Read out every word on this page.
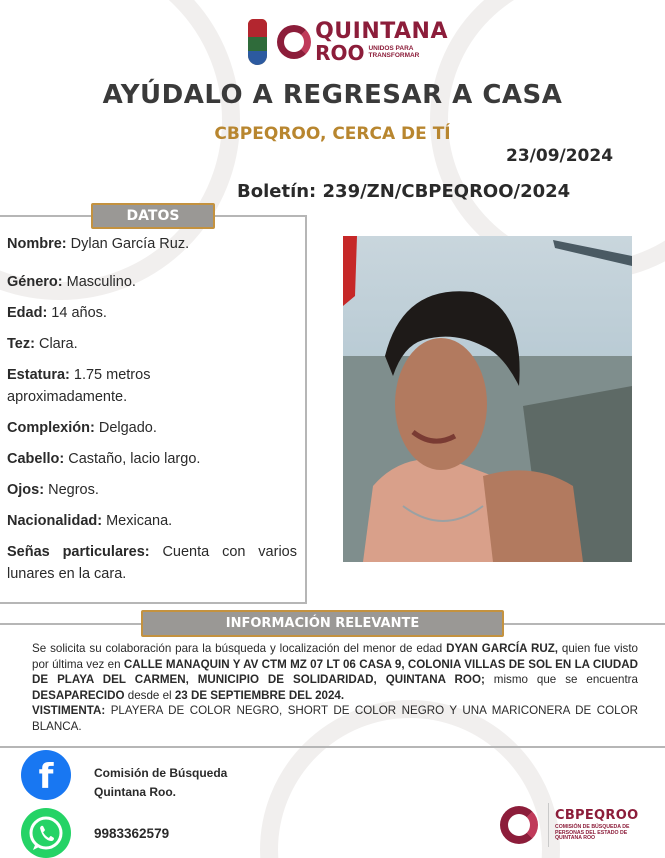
QUINTANA
ROO UNIDOS PARA TRANSFORMAR
AYÚDALO A REGRESAR A CASA
CBPEQROO, CERCA DE TÍ
23/09/2024
Boletín: 239/ZN/CBPEQROO/2024
Nombre: Dylan García Ruz.
Género: Masculino.
Edad: 14 años.
Tez: Clara.
Estatura: 1.75 metros aproximadamente.
Complexión: Delgado.
Cabello: Castaño, lacio largo.
Ojos: Negros.
Nacionalidad: Mexicana.
Señas particulares: Cuenta con varios lunares en la cara.
DATOS
Se solicita su colaboración para la búsqueda y localización del menor de edad DYAN GARCÍA RUZ, quien fue visto por última vez en CALLE MANAQUIN Y AV CTM MZ 07 LT 06 CASA 9, COLONIA VILLAS DE SOL EN LA CIUDAD DE PLAYA DEL CARMEN, MUNICIPIO DE SOLIDARIDAD, QUINTANA ROO; mismo que se encuentra DESAPARECIDO desde el 23 DE SEPTIEMBRE DEL 2024.
VISTIMENTA: PLAYERA DE COLOR NEGRO, SHORT DE COLOR NEGRO Y UNA MARICONERA DE COLOR BLANCA.
INFORMACIÓN RELEVANTE
f	Comisión de Búsqueda
Quintana Roo.
9983362579
CBPEQROO
COMISIÓN DE BÚSQUEDA DE PERSONAS DEL ESTADO DE QUINTANA ROO
